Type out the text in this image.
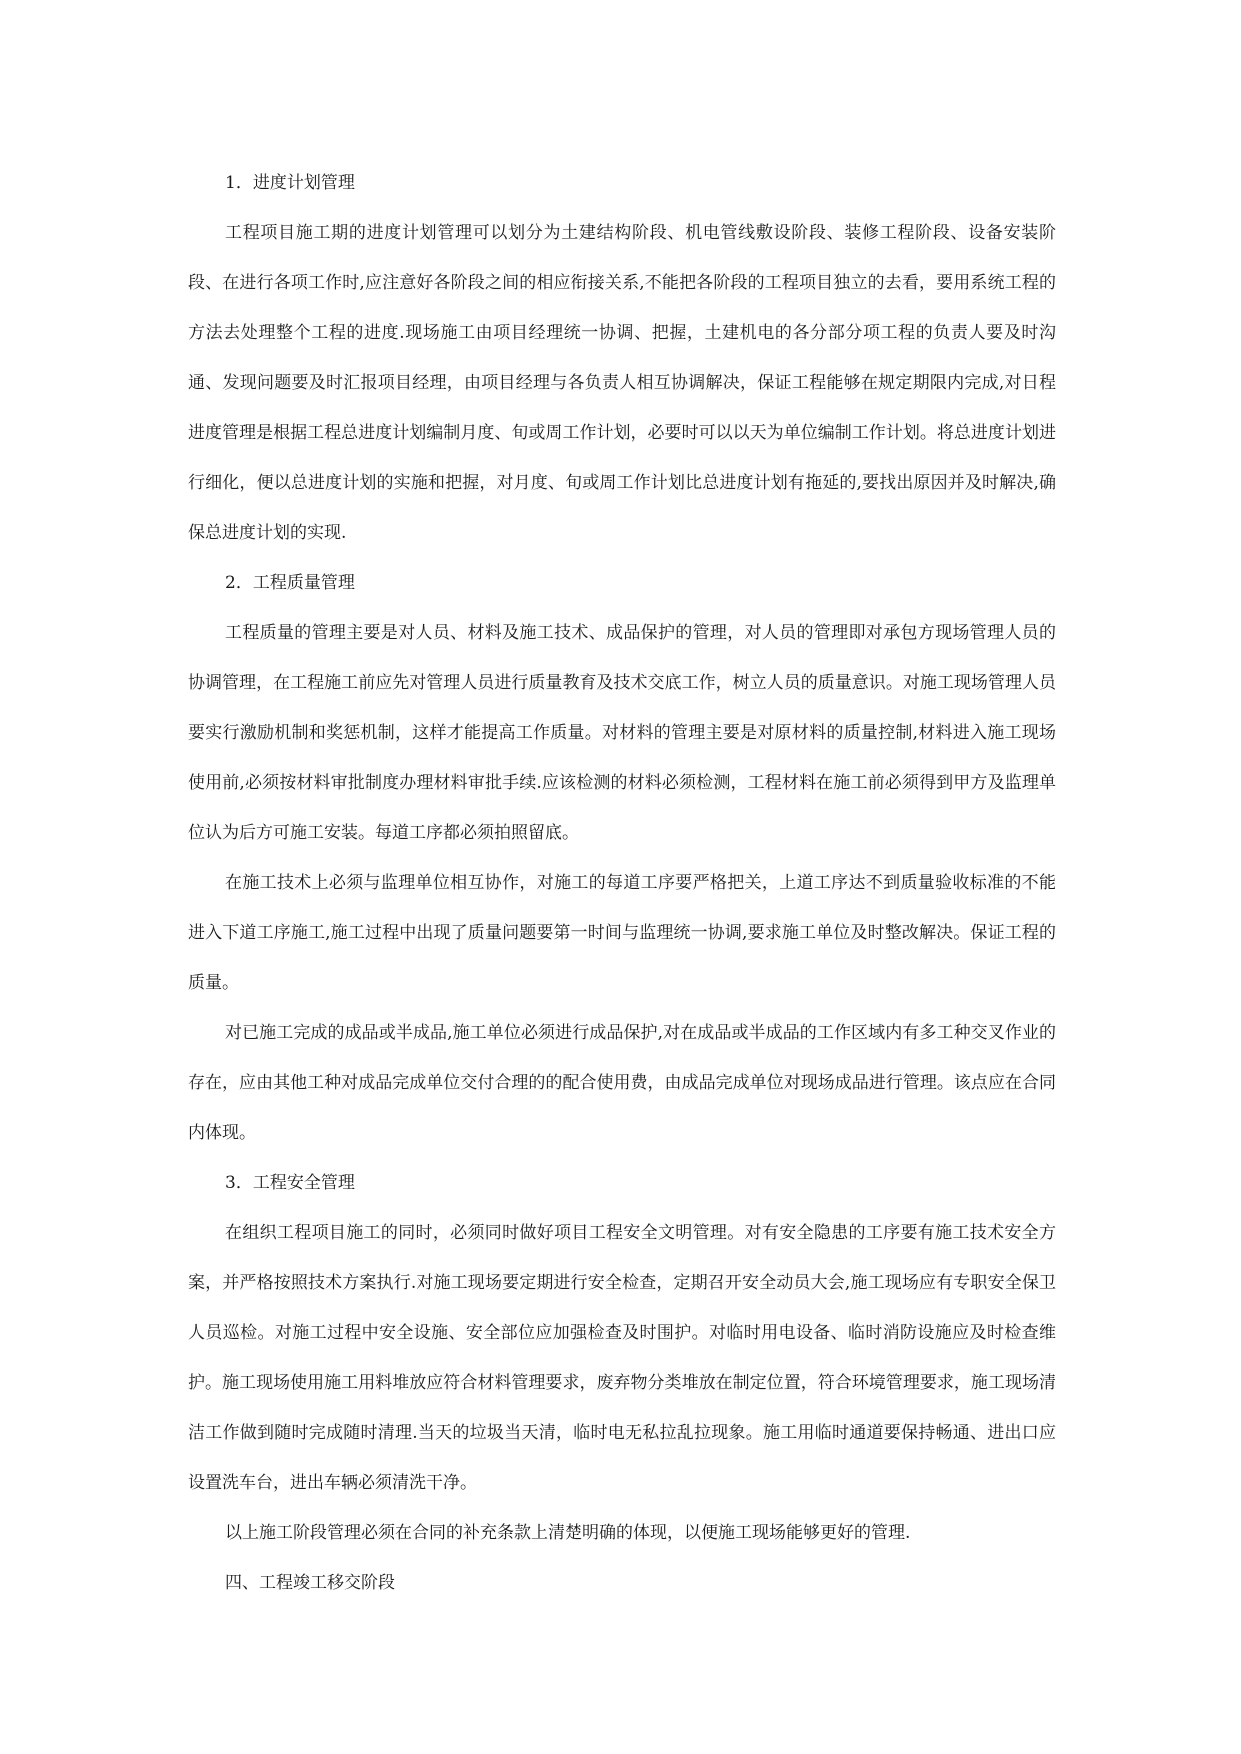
1．进度计划管理

工程项目施工期的进度计划管理可以划分为土建结构阶段、机电管线敷设阶段、装修工程阶段、设备安装阶段、在进行各项工作时,应注意好各阶段之间的相应衔接关系,不能把各阶段的工程项目独立的去看，要用系统工程的方法去处理整个工程的进度.现场施工由项目经理统一协调、把握，土建机电的各分部分项工程的负责人要及时沟通、发现问题要及时汇报项目经理，由项目经理与各负责人相互协调解决，保证工程能够在规定期限内完成,对日程进度管理是根据工程总进度计划编制月度、旬或周工作计划，必要时可以以天为单位编制工作计划。将总进度计划进行细化，便以总进度计划的实施和把握，对月度、旬或周工作计划比总进度计划有拖延的,要找出原因并及时解决,确保总进度计划的实现.

2．工程质量管理

工程质量的管理主要是对人员、材料及施工技术、成品保护的管理，对人员的管理即对承包方现场管理人员的协调管理，在工程施工前应先对管理人员进行质量教育及技术交底工作，树立人员的质量意识。对施工现场管理人员要实行激励机制和奖惩机制，这样才能提高工作质量。对材料的管理主要是对原材料的质量控制,材料进入施工现场使用前,必须按材料审批制度办理材料审批手续.应该检测的材料必须检测，工程材料在施工前必须得到甲方及监理单位认为后方可施工安装。每道工序都必须拍照留底。

在施工技术上必须与监理单位相互协作，对施工的每道工序要严格把关，上道工序达不到质量验收标准的不能进入下道工序施工,施工过程中出现了质量问题要第一时间与监理统一协调,要求施工单位及时整改解决。保证工程的质量。

对已施工完成的成品或半成品,施工单位必须进行成品保护,对在成品或半成品的工作区域内有多工种交叉作业的存在，应由其他工种对成品完成单位交付合理的的配合使用费，由成品完成单位对现场成品进行管理。该点应在合同内体现。

3．工程安全管理

在组织工程项目施工的同时，必须同时做好项目工程安全文明管理。对有安全隐患的工序要有施工技术安全方案，并严格按照技术方案执行.对施工现场要定期进行安全检查，定期召开安全动员大会,施工现场应有专职安全保卫人员巡检。对施工过程中安全设施、安全部位应加强检查及时围护。对临时用电设备、临时消防设施应及时检查维护。施工现场使用施工用料堆放应符合材料管理要求，废弃物分类堆放在制定位置，符合环境管理要求，施工现场清洁工作做到随时完成随时清理.当天的垃圾当天清，临时电无私拉乱拉现象。施工用临时通道要保持畅通、进出口应设置洗车台，进出车辆必须清洗干净。

以上施工阶段管理必须在合同的补充条款上清楚明确的体现，以便施工现场能够更好的管理.

四、工程竣工移交阶段
